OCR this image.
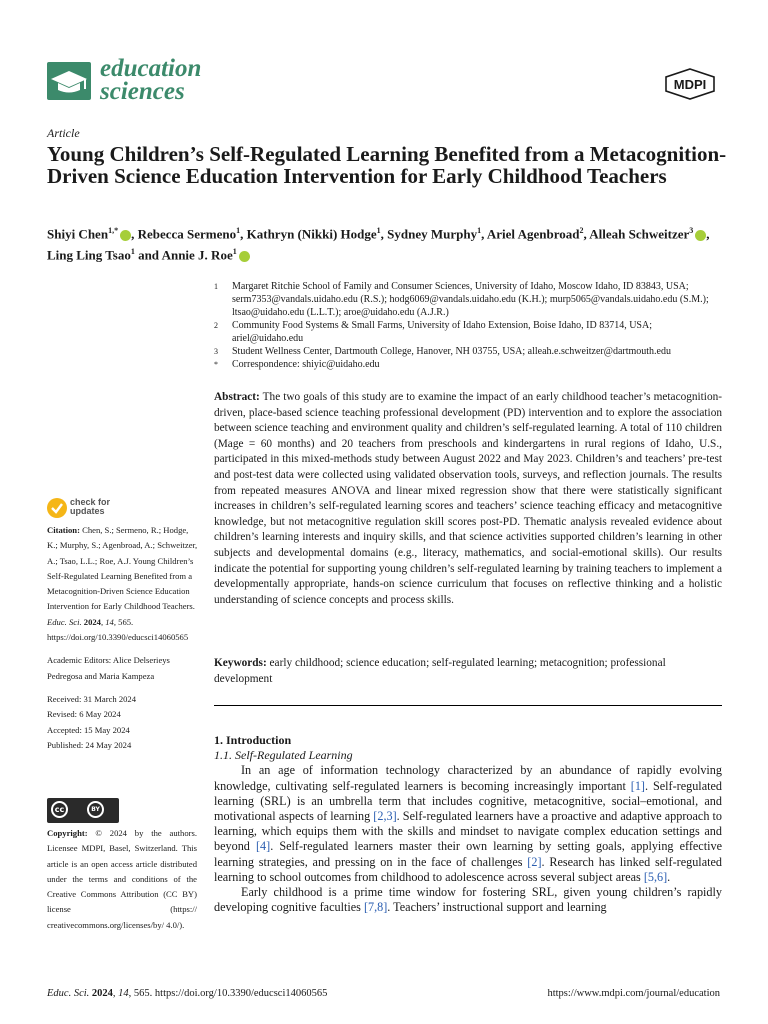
education
sciences	MDPI
Article
Young Children’s Self-Regulated Learning Benefited from a Metacognition-Driven Science Education Intervention for Early Childhood Teachers
Shiyi Chen$^{1,*}$ , Rebecca Sermeno$^1$, Kathryn (Nikki) Hodge$^1$, Sydney Murphy$^1$, Ariel Agenbroad$^2$, Alleah Schweitzer$^3$ , Ling Ling Tsao$^1$ and Annie J. Roe$^1$
1	Margaret Ritchie School of Family and Consumer Sciences, University of Idaho, Moscow Idaho, ID 83843, USA; serm7353@vandals.uidaho.edu (R.S.); hodg6069@vandals.uidaho.edu (K.H.); murp5065@vandals.uidaho.edu (S.M.); ltsao@uidaho.edu (L.L.T.); aroe@uidaho.edu (A.J.R.)
2	Community Food Systems & Small Farms, University of Idaho Extension, Boise Idaho, ID 83714, USA; ariel@uidaho.edu
3	Student Wellness Center, Dartmouth College, Hanover, NH 03755, USA; alleah.e.schweitzer@dartmouth.edu
*	Correspondence: shiyic@uidaho.edu
Abstract: The two goals of this study are to examine the impact of an early childhood teacher’s metacognition-driven, place-based science teaching professional development (PD) intervention and to explore the association between science teaching and environment quality and children’s self-regulated learning. A total of 110 children (Mage = 60 months) and 20 teachers from preschools and kindergartens in rural regions of Idaho, U.S., participated in this mixed-methods study between August 2022 and May 2023. Children’s and teachers’ pre-test and post-test data were collected using validated observation tools, surveys, and reflection journals. The results from repeated measures ANOVA and linear mixed regression show that there were statistically significant increases in children’s self-regulated learning scores and teachers’ science teaching efficacy and metacognitive knowledge, but not metacognitive regulation skill scores post-PD. Thematic analysis revealed evidence about children’s learning interests and inquiry skills, and that science activities supported children’s learning in other subjects and developmental domains (e.g., literacy, mathematics, and social-emotional skills). Our results indicate the potential for supporting young children’s self-regulated learning by training teachers to implement a developmentally appropriate, hands-on science curriculum that focuses on reflective thinking and a holistic understanding of science concepts and process skills.
Keywords: early childhood; science education; self-regulated learning; metacognition; professional development
1. Introduction
1.1. Self-Regulated Learning

In an age of information technology characterized by an abundance of rapidly evolving knowledge, cultivating self-regulated learners is becoming increasingly important [1]. Self-regulated learning (SRL) is an umbrella term that includes cognitive, metacognitive, social–emotional, and motivational aspects of learning [2,3]. Self-regulated learners have a proactive and adaptive approach to learning, which equips them with the skills and mindset to navigate complex education settings and beyond [4]. Self-regulated learners master their own learning by setting goals, applying effective learning strategies, and pressing on in the face of challenges [2]. Research has linked self-regulated learning to school outcomes from childhood to adolescence across several subject areas [5,6].

Early childhood is a prime time window for fostering SRL, given young children’s rapidly developing cognitive faculties [7,8]. Teachers’ instructional support and learning

check for
updates

Citation: Chen, S.; Sermeno, R.; Hodge, K.; Murphy, S.; Agenbroad, A.; Schweitzer, A.; Tsao, L.L.; Roe, A.J. Young Children’s Self-Regulated Learning Benefited from a Metacognition-Driven Science Education Intervention for Early Childhood Teachers. Educ. Sci. 2024, 14, 565. https://doi.org/10.3390/educsci14060565

Academic Editors: Alice Delserieys Pedregosa and Maria Kampeza

Received: 31 March 2024
Revised: 6 May 2024
Accepted: 15 May 2024
Published: 24 May 2024
cc	BY
Copyright: © 2024 by the authors. Licensee MDPI, Basel, Switzerland. This article is an open access article distributed under the terms and conditions of the Creative Commons Attribution (CC BY) license (https:// creativecommons.org/licenses/by/ 4.0/).
Educ. Sci. 2024, 14, 565. https://doi.org/10.3390/educsci14060565	https://www.mdpi.com/journal/education
